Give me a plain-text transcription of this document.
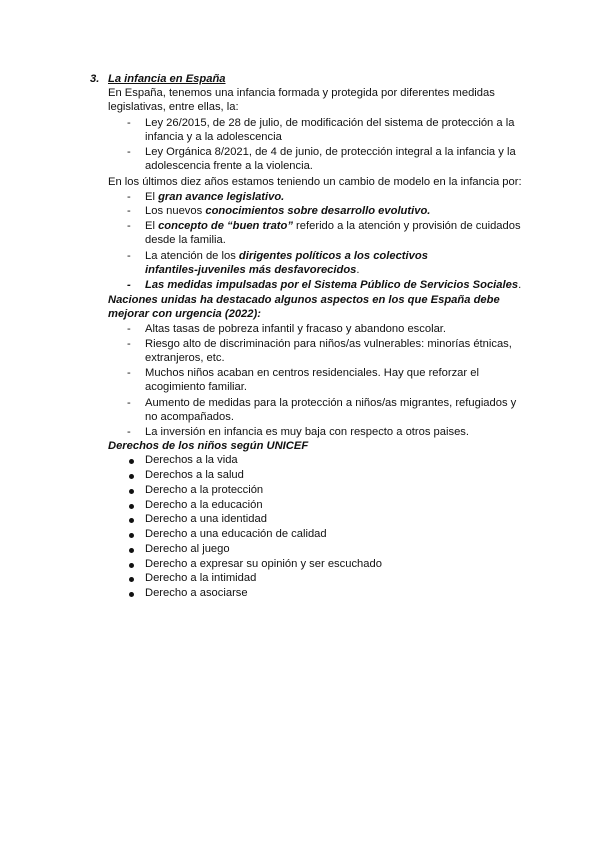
3. La infancia en España
En España, tenemos una infancia formada y protegida por diferentes medidas
legislativas, entre ellas, la:
-	Ley 26/2015, de 28 de julio, de modificación del sistema de protección a la
infancia y a la adolescencia
-	Ley Orgánica 8/2021, de 4 de junio, de protección integral a la infancia y la
adolescencia frente a la violencia.
En los últimos diez años estamos teniendo un cambio de modelo en la infancia por:
-	El gran avance legislativo.
-	Los nuevos conocimientos sobre desarrollo evolutivo.
-	El concepto de “buen trato” referido a la atención y provisión de cuidados
desde la familia.
-	La atención de los dirigentes políticos a los colectivos
infantiles-juveniles más desfavorecidos.
-	Las medidas impulsadas por el Sistema Público de Servicios Sociales.
Naciones unidas ha destacado algunos aspectos en los que España debe
mejorar con urgencia (2022):
-	Altas tasas de pobreza infantil y fracaso y abandono escolar.
-	Riesgo alto de discriminación para niños/as vulnerables: minorías étnicas,
extranjeros, etc.
-	Muchos niños acaban en centros residenciales. Hay que reforzar el
acogimiento familiar.
-	Aumento de medidas para la protección a niños/as migrantes, refugiados y
no acompañados.
-	La inversión en infancia es muy baja con respecto a otros paises.
Derechos de los niños según UNICEF
Derechos a la vida
Derechos a la salud
Derecho a la protección
Derecho a la educación
Derecho a una identidad
Derecho a una educación de calidad
Derecho al juego
Derecho a expresar su opinión y ser escuchado
Derecho a la intimidad
Derecho a asociarse
